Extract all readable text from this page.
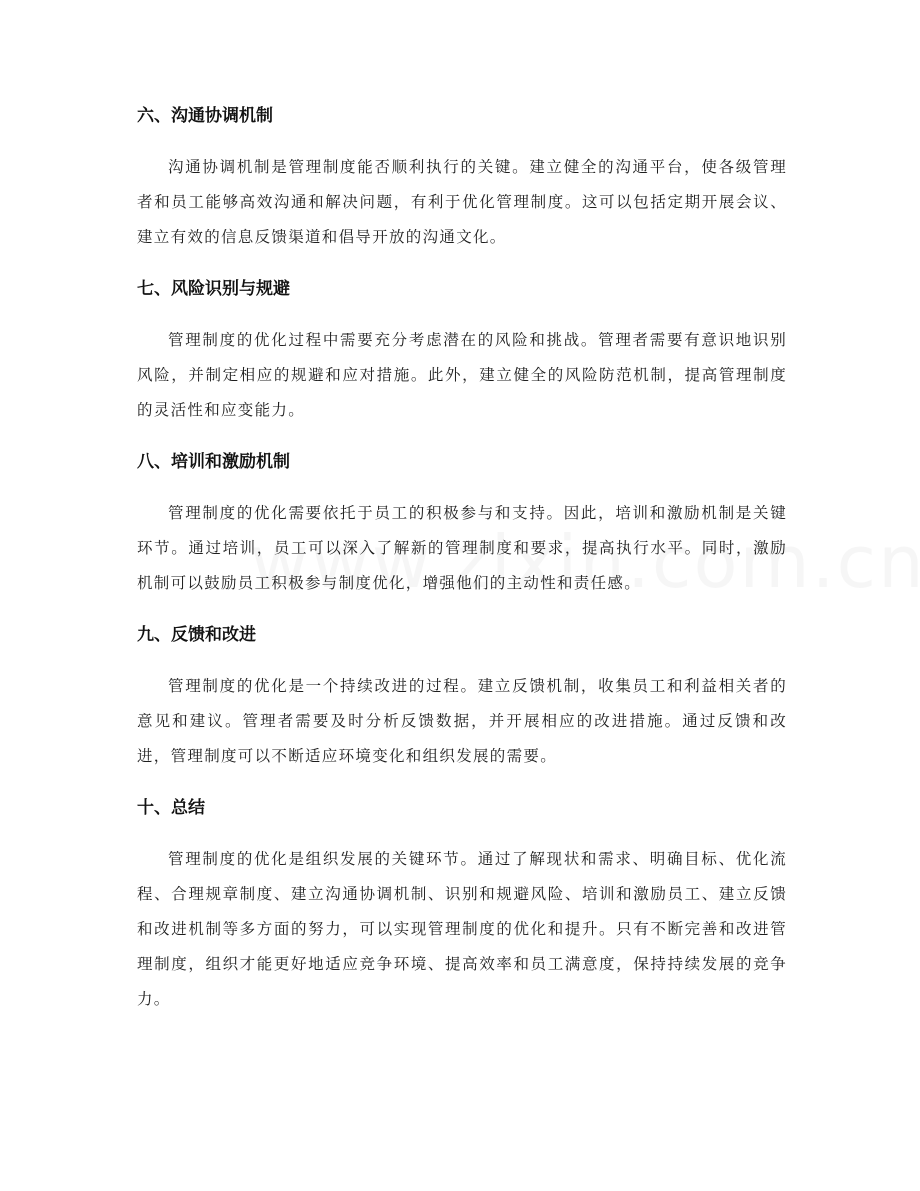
六、沟通协调机制

沟通协调机制是管理制度能否顺利执行的关键。建立健全的沟通平台，使各级管理者和员工能够高效沟通和解决问题，有利于优化管理制度。这可以包括定期开展会议、建立有效的信息反馈渠道和倡导开放的沟通文化。

七、风险识别与规避

管理制度的优化过程中需要充分考虑潜在的风险和挑战。管理者需要有意识地识别风险，并制定相应的规避和应对措施。此外，建立健全的风险防范机制，提高管理制度的灵活性和应变能力。

八、培训和激励机制

管理制度的优化需要依托于员工的积极参与和支持。因此，培训和激励机制是关键环节。通过培训，员工可以深入了解新的管理制度和要求，提高执行水平。同时，激励机制可以鼓励员工积极参与制度优化，增强他们的主动性和责任感。

九、反馈和改进

管理制度的优化是一个持续改进的过程。建立反馈机制，收集员工和利益相关者的意见和建议。管理者需要及时分析反馈数据，并开展相应的改进措施。通过反馈和改进，管理制度可以不断适应环境变化和组织发展的需要。

十、总结

管理制度的优化是组织发展的关键环节。通过了解现状和需求、明确目标、优化流程、合理规章制度、建立沟通协调机制、识别和规避风险、培训和激励员工、建立反馈和改进机制等多方面的努力，可以实现管理制度的优化和提升。只有不断完善和改进管理制度，组织才能更好地适应竞争环境、提高效率和员工满意度，保持持续发展的竞争力。
